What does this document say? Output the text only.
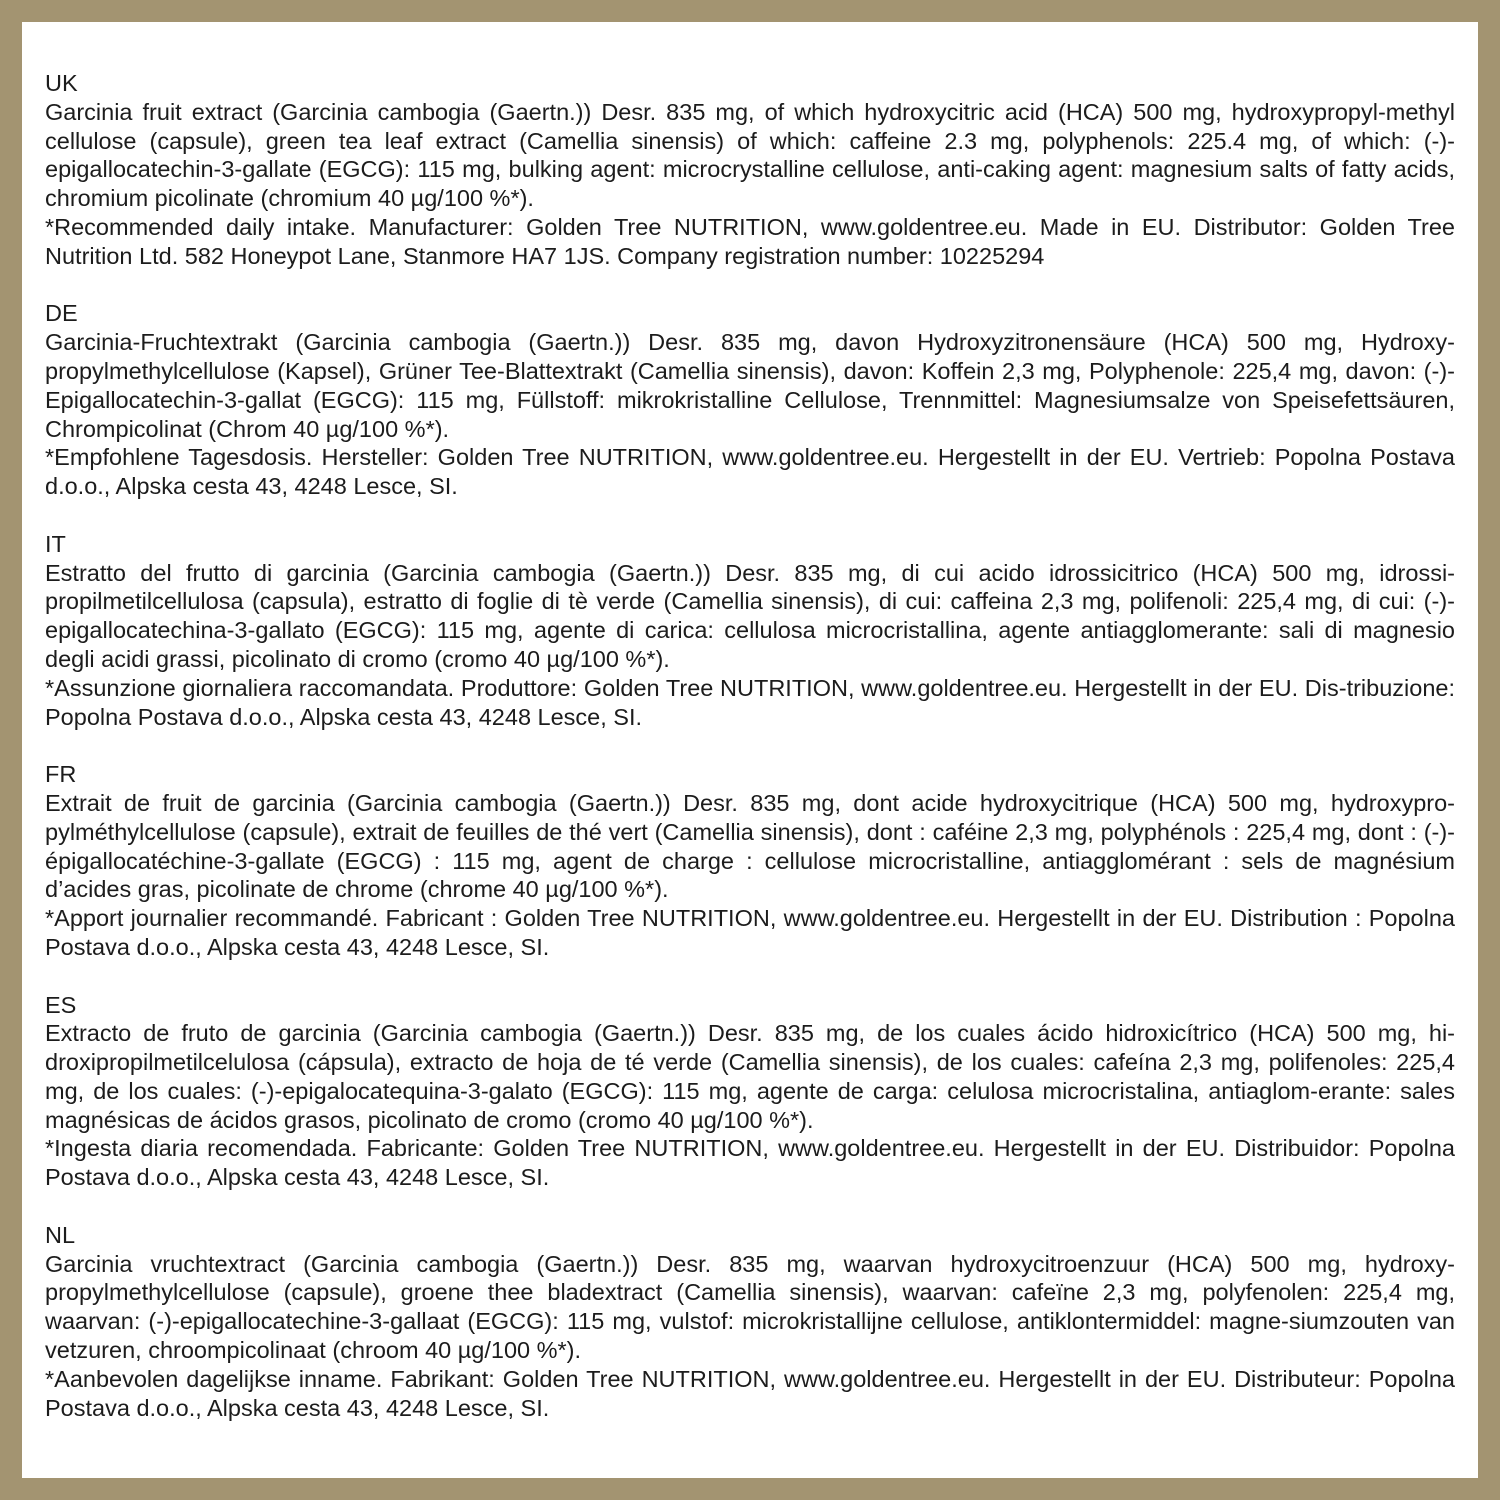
UK
Garcinia fruit extract (Garcinia cambogia (Gaertn.)) Desr. 835 mg, of which hydroxycitric acid (HCA) 500 mg, hydroxypropyl-methyl cellulose (capsule), green tea leaf extract (Camellia sinensis) of which: caffeine 2.3 mg, polyphenols: 225.4 mg, of which: (-)-epigallocatechin-3-gallate (EGCG): 115 mg, bulking agent: microcrystalline cellulose, anti-caking agent: magnesium salts of fatty acids, chromium picolinate (chromium 40 µg/100 %*).
*Recommended daily intake. Manufacturer: Golden Tree NUTRITION, www.goldentree.eu. Made in EU. Distributor: Golden Tree Nutrition Ltd. 582 Honeypot Lane, Stanmore HA7 1JS. Company registration number: 10225294
DE
Garcinia-Fruchtextrakt (Garcinia cambogia (Gaertn.)) Desr. 835 mg, davon Hydroxyzitronensäure (HCA) 500 mg, Hydroxy-propylmethylcellulose (Kapsel), Grüner Tee-Blattextrakt (Camellia sinensis), davon: Koffein 2,3 mg, Polyphenole: 225,4 mg, davon: (-)-Epigallocatechin-3-gallat (EGCG): 115 mg, Füllstoff: mikrokristalline Cellulose, Trennmittel: Magnesiumsalze von Speisefettsäuren, Chrompicolinat (Chrom 40 µg/100 %*).
*Empfohlene Tagesdosis. Hersteller: Golden Tree NUTRITION, www.goldentree.eu. Hergestellt in der EU. Vertrieb: Popolna Postava d.o.o., Alpska cesta 43, 4248 Lesce, SI.
IT
Estratto del frutto di garcinia (Garcinia cambogia (Gaertn.)) Desr. 835 mg, di cui acido idrossicitrico (HCA) 500 mg, idrossi-propilmetilcellulosa (capsula), estratto di foglie di tè verde (Camellia sinensis), di cui: caffeina 2,3 mg, polifenoli: 225,4 mg, di cui: (-)-epigallocatechina-3-gallato (EGCG): 115 mg, agente di carica: cellulosa microcristallina, agente antiagglomerante: sali di magnesio degli acidi grassi, picolinato di cromo (cromo 40 µg/100 %*).
*Assunzione giornaliera raccomandata. Produttore: Golden Tree NUTRITION, www.goldentree.eu. Hergestellt in der EU. Dis-tribuzione: Popolna Postava d.o.o., Alpska cesta 43, 4248 Lesce, SI.
FR
Extrait de fruit de garcinia (Garcinia cambogia (Gaertn.)) Desr. 835 mg, dont acide hydroxycitrique (HCA) 500 mg, hydroxypro-pylméthylcellulose (capsule), extrait de feuilles de thé vert (Camellia sinensis), dont : caféine 2,3 mg, polyphénols : 225,4 mg, dont : (-)-épigallocatéchine-3-gallate (EGCG) : 115 mg, agent de charge : cellulose microcristalline, antiagglomérant : sels de magnésium d’acides gras, picolinate de chrome (chrome 40 µg/100 %*).
*Apport journalier recommandé. Fabricant : Golden Tree NUTRITION, www.goldentree.eu. Hergestellt in der EU. Distribution : Popolna Postava d.o.o., Alpska cesta 43, 4248 Lesce, SI.
ES
Extracto de fruto de garcinia (Garcinia cambogia (Gaertn.)) Desr. 835 mg, de los cuales ácido hidroxicítrico (HCA) 500 mg, hi-droxipropilmetilcelulosa (cápsula), extracto de hoja de té verde (Camellia sinensis), de los cuales: cafeína 2,3 mg, polifenoles: 225,4 mg, de los cuales: (-)-epigalocatequina-3-galato (EGCG): 115 mg, agente de carga: celulosa microcristalina, antiaglom-erante: sales magnésicas de ácidos grasos, picolinato de cromo (cromo 40 µg/100 %*).
*Ingesta diaria recomendada. Fabricante: Golden Tree NUTRITION, www.goldentree.eu. Hergestellt in der EU. Distribuidor: Popolna Postava d.o.o., Alpska cesta 43, 4248 Lesce, SI.
NL
Garcinia vruchtextract (Garcinia cambogia (Gaertn.)) Desr. 835 mg, waarvan hydroxycitroenzuur (HCA) 500 mg, hydroxy-propylmethylcellulose (capsule), groene thee bladextract (Camellia sinensis), waarvan: cafeïne 2,3 mg, polyfenolen: 225,4 mg, waarvan: (-)-epigallocatechine-3-gallaat (EGCG): 115 mg, vulstof: microkristallijne cellulose, antiklontermiddel: magne-siumzouten van vetzuren, chroompicolinaat (chroom 40 µg/100 %*).
*Aanbevolen dagelijkse inname. Fabrikant: Golden Tree NUTRITION, www.goldentree.eu. Hergestellt in der EU. Distributeur: Popolna Postava d.o.o., Alpska cesta 43, 4248 Lesce, SI.
